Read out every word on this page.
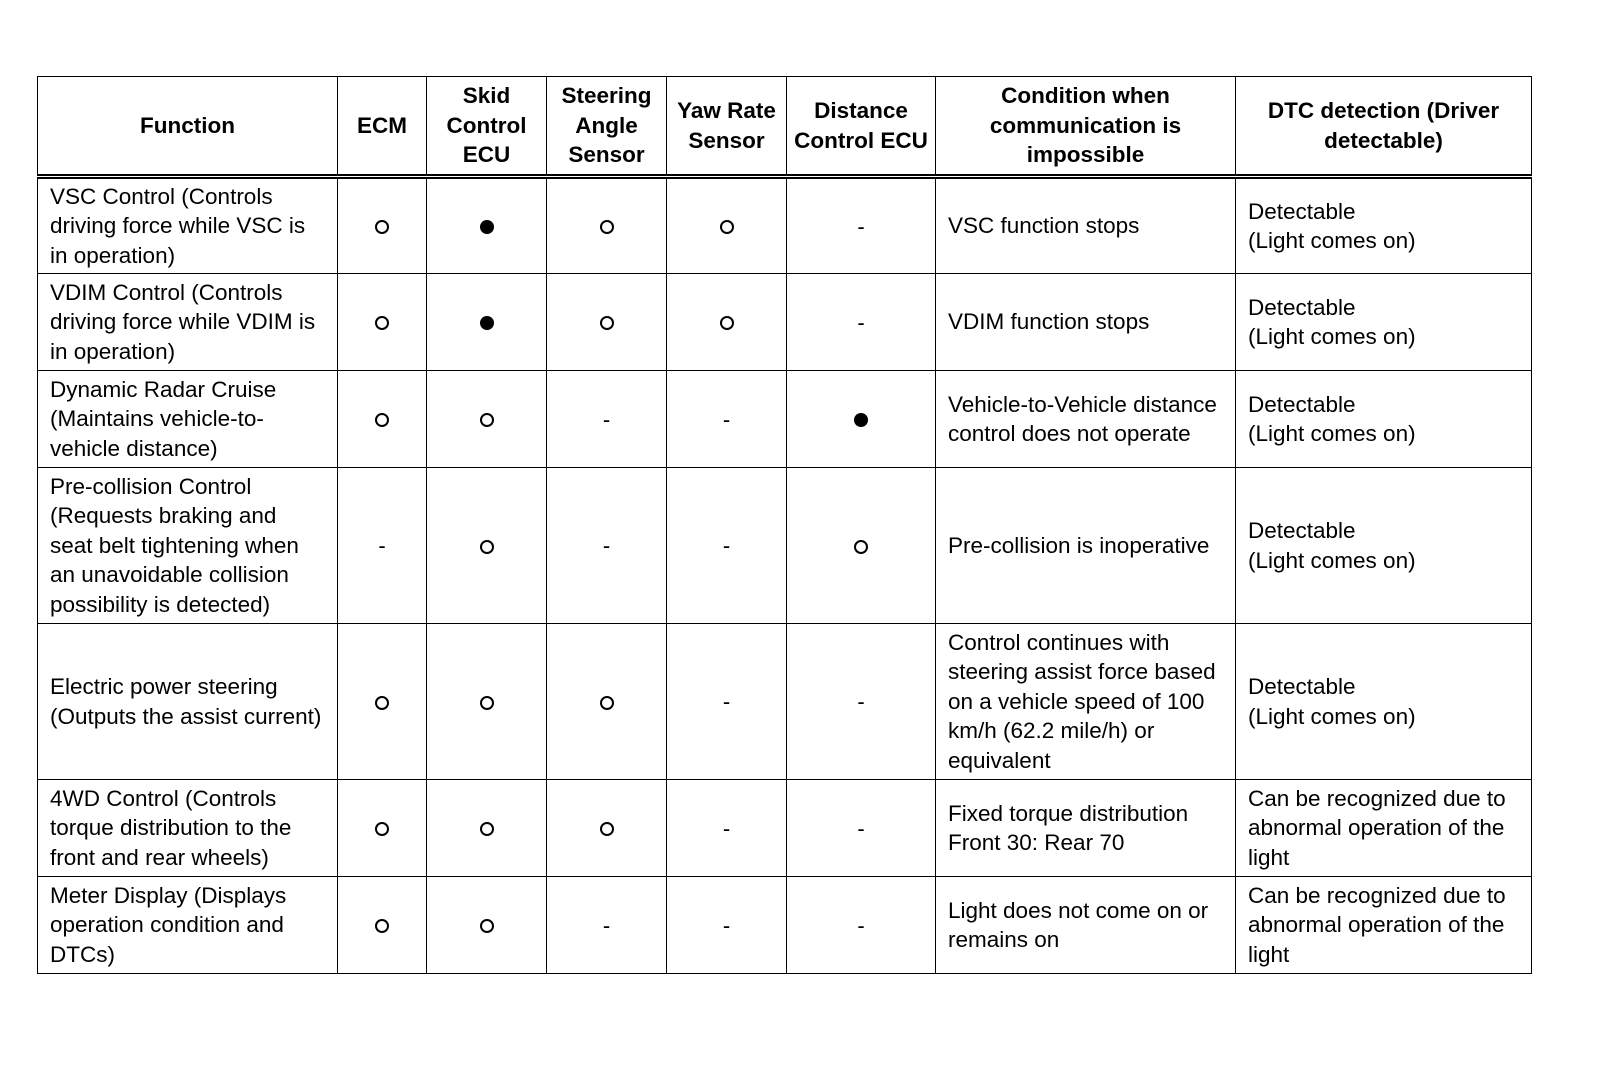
Function	ECM	Skid Control ECU	Steering Angle Sensor	Yaw Rate Sensor	Distance Control ECU	Condition when communication is impossible	DTC detection (Driver detectable)
VSC Control (Controls driving force while VSC is in operation)					-	VSC function stops	Detectable
(Light comes on)

VDIM Control (Controls driving force while VDIM is in operation)					-	VDIM function stops	Detectable
(Light comes on)

Dynamic Radar Cruise (Maintains vehicle-to-vehicle distance)			-	-		Vehicle-to-Vehicle distance control does not operate	Detectable
(Light comes on)

Pre-collision Control (Requests braking and seat belt tightening when an unavoidable collision possibility is detected)	-		-	-		Pre-collision is inoperative	Detectable
(Light comes on)

Electric power steering (Outputs the assist current)				-	-	Control continues with steering assist force based on a vehicle speed of 100 km/h (62.2 mile/h) or equivalent	Detectable
(Light comes on)

4WD Control (Controls torque distribution to the front and rear wheels)				-	-	Fixed torque distribution Front 30: Rear 70	Can be recognized due to abnormal operation of the light

Meter Display (Displays operation condition and DTCs)			-	-	-	Light does not come on or remains on	Can be recognized due to abnormal operation of the light
